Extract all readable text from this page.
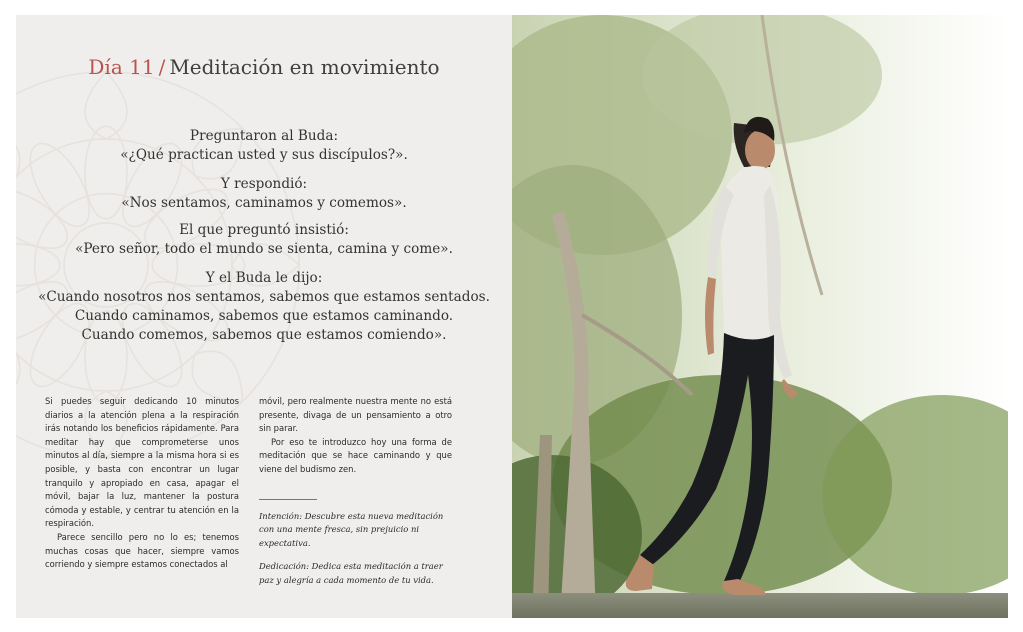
Día 11 / Meditación en movimiento
Preguntaron al Buda:
«¿Qué practican usted y sus discípulos?».
Y respondió:
«Nos sentamos, caminamos y comemos».
El que preguntó insistió:
«Pero señor, todo el mundo se sienta, camina y come».
Y el Buda le dijo:
«Cuando nosotros nos sentamos, sabemos que estamos sentados.
Cuando caminamos, sabemos que estamos caminando.
Cuando comemos, sabemos que estamos comiendo».

Si puedes seguir dedicando 10 minutos diarios a la atención plena a la respiración irás notando los beneficios rápidamente. Para meditar hay que comprometerse unos minutos al día, siempre a la misma hora si es posible, y basta con encontrar un lugar tranquilo y apropiado en casa, apagar el móvil, bajar la luz, mantener la postura cómoda y estable, y centrar tu atención en la respiración.

Parece sencillo pero no lo es; tenemos muchas cosas que hacer, siempre vamos corriendo y siempre estamos conectados al

móvil, pero realmente nuestra mente no está presente, divaga de un pensamiento a otro sin parar.

Por eso te introduzco hoy una forma de meditación que se hace caminando y que viene del budismo zen.

Intención: Descubre esta nueva meditación con una mente fresca, sin prejuicio ni expectativa.
Dedicación: Dedica esta meditación a traer paz y alegría a cada momento de tu vida.
